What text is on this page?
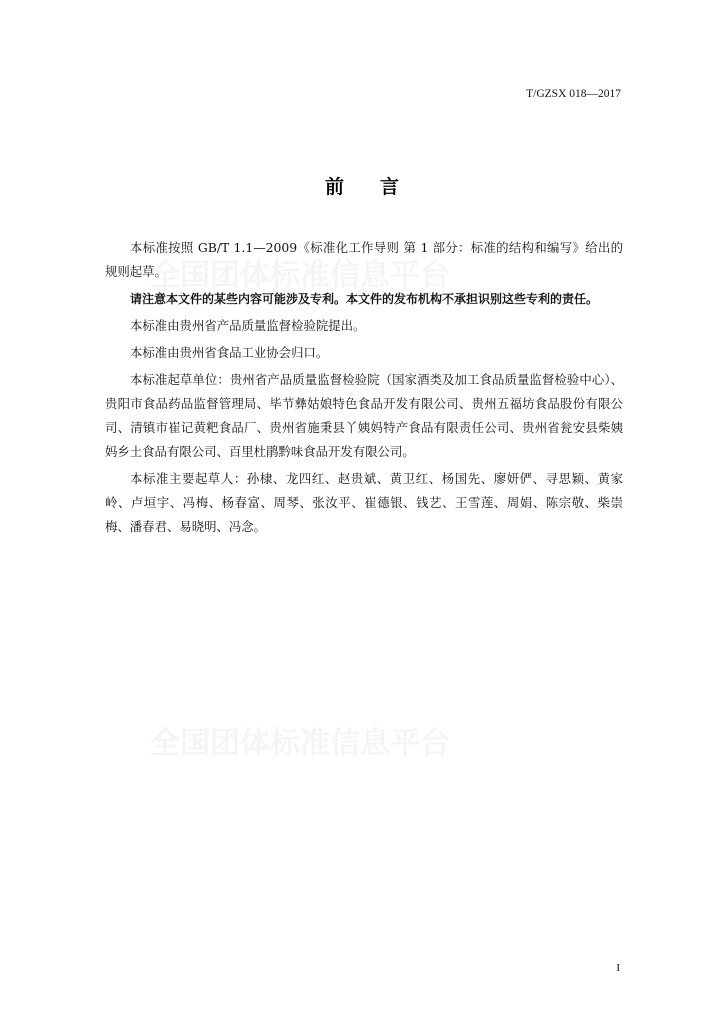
T/GZSX 018—2017
前言
全国团体标准信息平台
全国团体标准信息平台

本标准按照 GB/T 1.1—2009《标准化工作导则 第 1 部分：标准的结构和编写》给出的规则起草。

请注意本文件的某些内容可能涉及专利。本文件的发布机构不承担识别这些专利的责任。

本标准由贵州省产品质量监督检验院提出。

本标准由贵州省食品工业协会归口。

本标准起草单位：贵州省产品质量监督检验院（国家酒类及加工食品质量监督检验中心）、贵阳市食品药品监督管理局、毕节彝姑娘特色食品开发有限公司、贵州五福坊食品股份有限公司、清镇市崔记黄粑食品厂、贵州省施秉县丫姨妈特产食品有限责任公司、贵州省瓮安县柴姨妈乡土食品有限公司、百里杜鹃黔味食品开发有限公司。

本标准主要起草人：孙棣、龙四红、赵贵斌、黄卫红、杨国先、廖妍俨、寻思颖、黄家岭、卢垣宇、冯梅、杨春富、周琴、张汝平、崔德银、钱艺、王雪莲、周娟、陈宗敬、柴崇梅、潘春君、易晓明、冯念。

I
